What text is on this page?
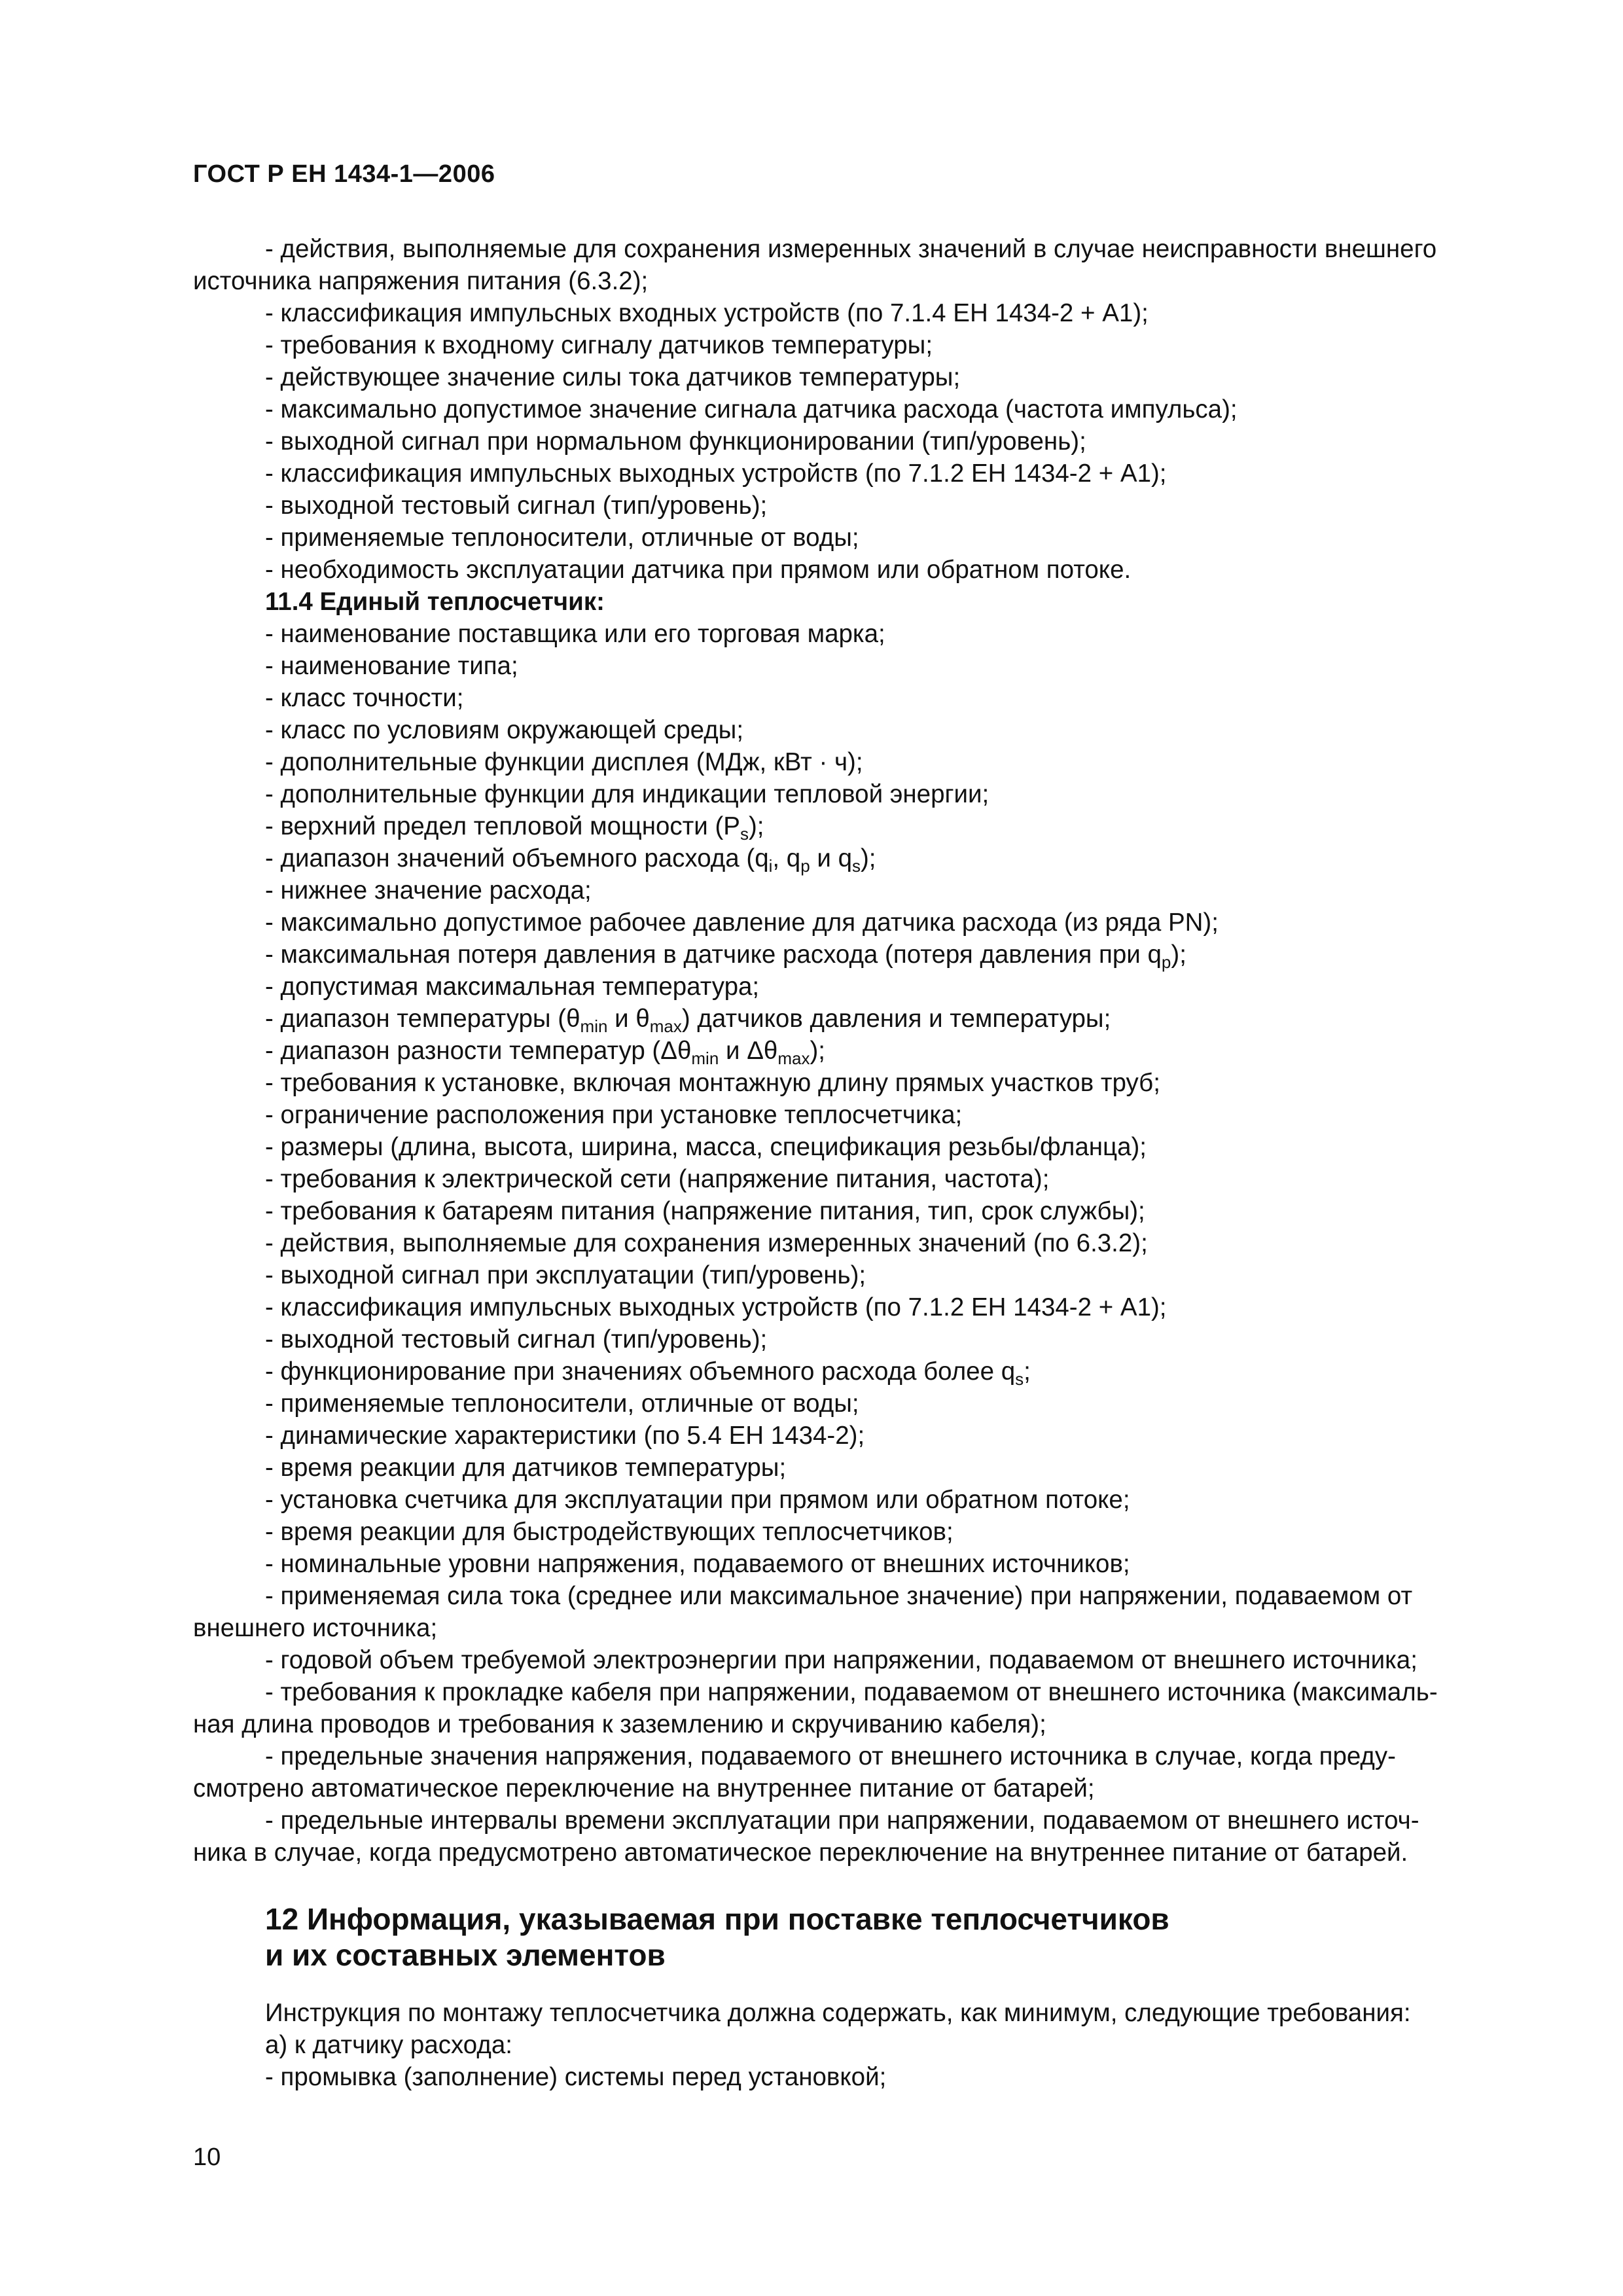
ГОСТ Р ЕН 1434-1—2006
- действия, выполняемые для сохранения измеренных значений в случае неисправности внешнего
источника напряжения питания (6.3.2);
- классификация импульсных входных устройств (по 7.1.4 ЕН 1434-2 + А1);
- требования к входному сигналу датчиков температуры;
- действующее значение силы тока датчиков температуры;
- максимально допустимое значение сигнала датчика расхода (частота импульса);
- выходной сигнал при нормальном функционировании (тип/уровень);
- классификация импульсных выходных устройств (по 7.1.2 ЕН 1434-2 + А1);
- выходной тестовый сигнал (тип/уровень);
- применяемые теплоносители, отличные от воды;
- необходимость эксплуатации датчика при прямом или обратном потоке.
11.4 Единый теплосчетчик:
- наименование поставщика или его торговая марка;
- наименование типа;
- класс точности;
- класс по условиям окружающей среды;
- дополнительные функции дисплея (МДж, кВт · ч);
- дополнительные функции для индикации тепловой энергии;
- верхний предел тепловой мощности $(P_s)$;
- диапазон значений объемного расхода ($q_i$, $q_p$ и $q_s$);
- нижнее значение расхода;
- максимально допустимое рабочее давление для датчика расхода (из ряда PN);
- максимальная потеря давления в датчике расхода (потеря давления при $q_p$);
- допустимая максимальная температура;
- диапазон температуры ($\theta_{min}$ и $\theta_{max}$) датчиков давления и температуры;
- диапазон разности температур ($\Delta\theta_{min}$ и $\Delta\theta_{max}$);
- требования к установке, включая монтажную длину прямых участков труб;
- ограничение расположения при установке теплосчетчика;
- размеры (длина, высота, ширина, масса, спецификация резьбы/фланца);
- требования к электрической сети (напряжение питания, частота);
- требования к батареям питания (напряжение питания, тип, срок службы);
- действия, выполняемые для сохранения измеренных значений (по 6.3.2);
- выходной сигнал при эксплуатации (тип/уровень);
- классификация импульсных выходных устройств (по 7.1.2 ЕН 1434-2 + А1);
- выходной тестовый сигнал (тип/уровень);
- функционирование при значениях объемного расхода более $q_s$;
- применяемые теплоносители, отличные от воды;
- динамические характеристики (по 5.4 ЕН 1434-2);
- время реакции для датчиков температуры;
- установка счетчика для эксплуатации при прямом или обратном потоке;
- время реакции для быстродействующих теплосчетчиков;
- номинальные уровни напряжения, подаваемого от внешних источников;
- применяемая сила тока (среднее или максимальное значение) при напряжении, подаваемом от
внешнего источника;
- годовой объем требуемой электроэнергии при напряжении, подаваемом от внешнего источника;
- требования к прокладке кабеля при напряжении, подаваемом от внешнего источника (максималь-
ная длина проводов и требования к заземлению и скручиванию кабеля);
- предельные значения напряжения, подаваемого от внешнего источника в случае, когда преду-
смотрено автоматическое переключение на внутреннее питание от батарей;
- предельные интервалы времени эксплуатации при напряжении, подаваемом от внешнего источ-
ника в случае, когда предусмотрено автоматическое переключение на внутреннее питание от батарей.
12 Информация, указываемая при поставке теплосчетчиков
и их составных элементов
Инструкция по монтажу теплосчетчика должна содержать, как минимум, следующие требования:
а) к датчику расхода:
- промывка (заполнение) системы перед установкой;
10
